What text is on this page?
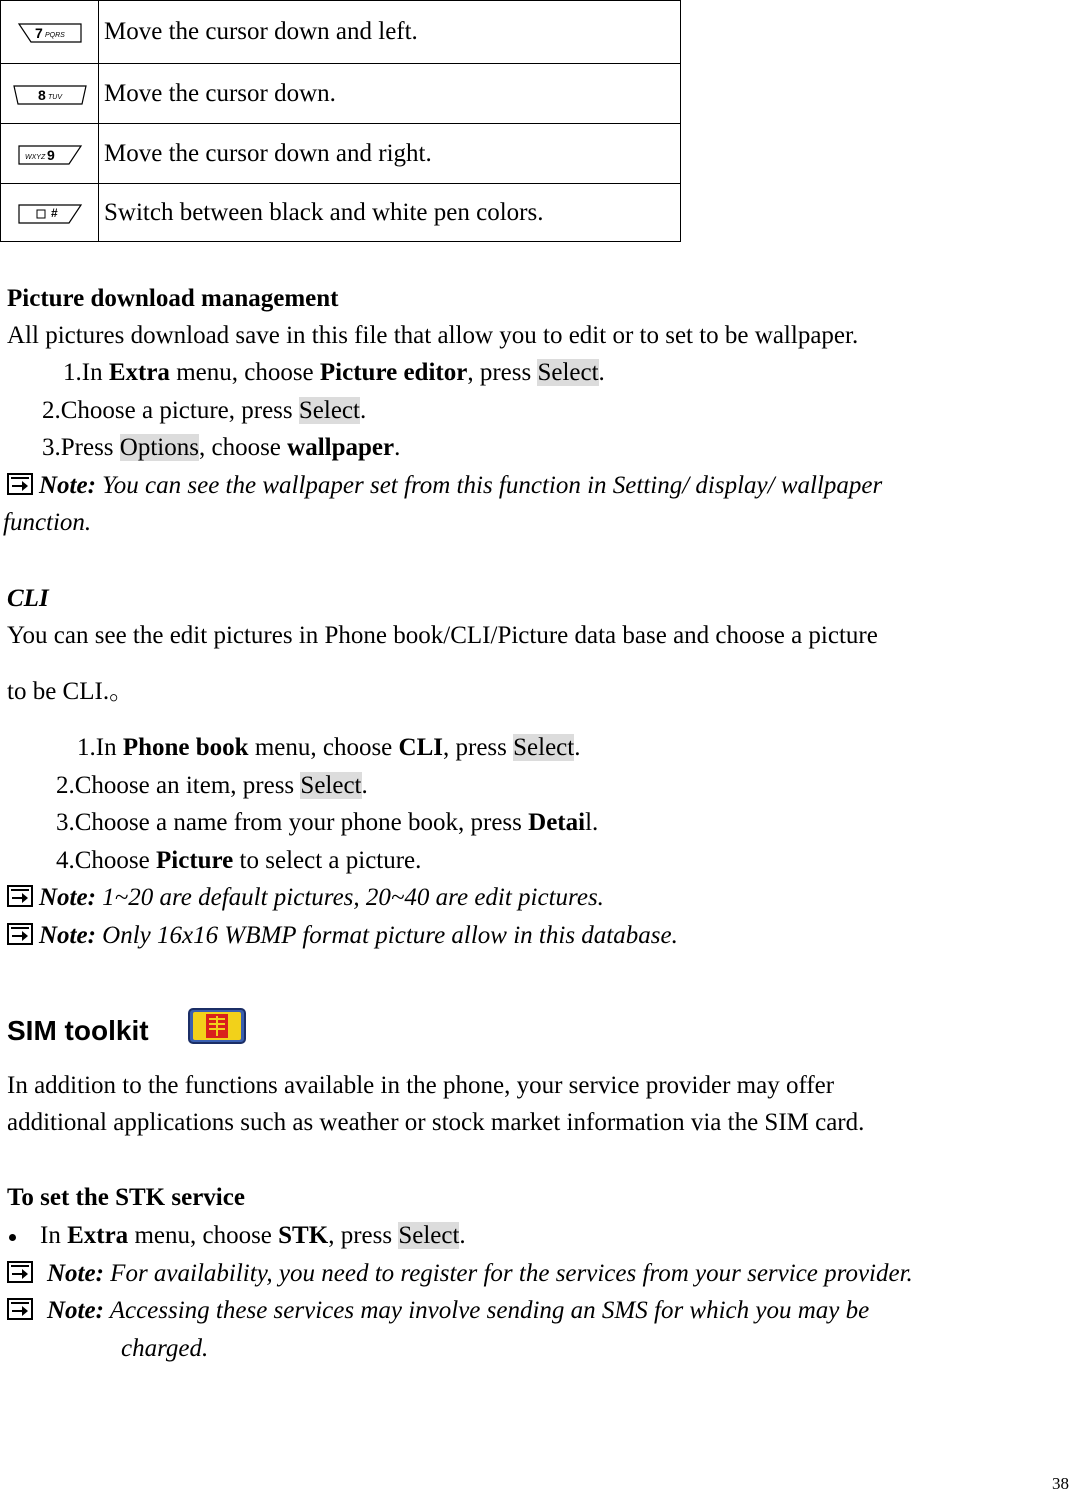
7 PQRS	Move the cursor down and left.

8 TUV	Move the cursor down.

WXYZ 9	Move the cursor down and right.

#	Switch between black and white pen colors.
Picture download management
All pictures download save in this file that allow you to edit or to set to be wallpaper.
1.In Extra menu, choose Picture editor, press Select.
2.Choose a picture, press Select.
3.Press Options, choose wallpaper.
Note: You can see the wallpaper set from this function in Setting/ display/ wallpaper
function.
CLI
You can see the edit pictures in Phone book/CLI/Picture data base and choose a picture
to be CLI.。
1.In Phone book menu, choose CLI, press Select.
2.Choose an item, press Select.
3.Choose a name from your phone book, press Detail.
4.Choose Picture to select a picture.
Note: 1~20 are default pictures, 20~40 are edit pictures.
Note: Only 16x16 WBMP format picture allow in this database.
SIM toolkit
In addition to the functions available in the phone, your service provider may offer
additional applications such as weather or stock market information via the SIM card.
To set the STK service
In Extra menu, choose STK, press Select.
Note: For availability, you need to register for the services from your service provider.
Note: Accessing these services may involve sending an SMS for which you may be
charged.
38
